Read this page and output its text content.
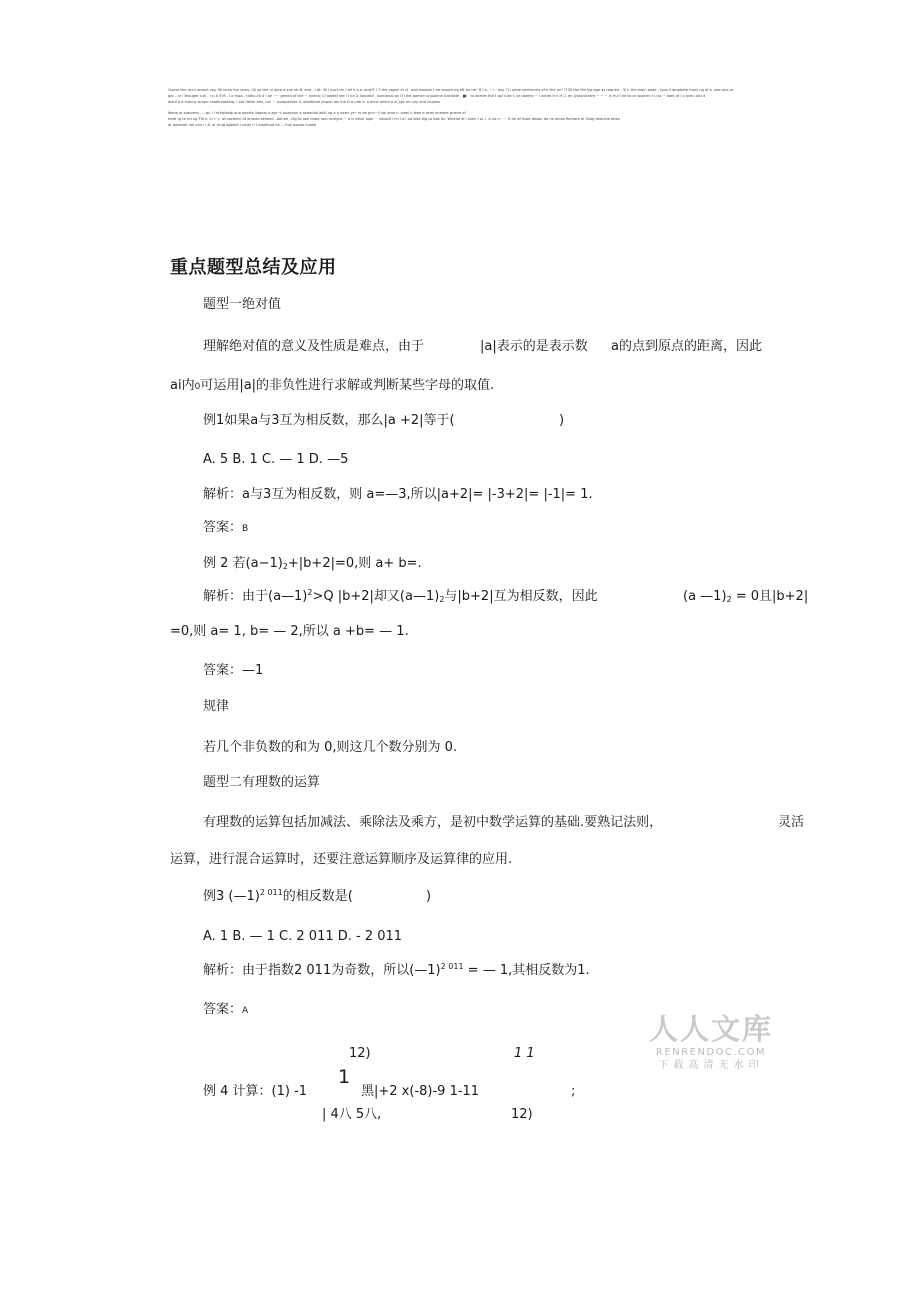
Quese the occu amont ray. 0tl lsrea the yeau. (Xl so the ul dere a.xnk sh.N. and ..l At. 3il l ouct dn r all h a.e..and*F l T the vapsn er d . and explain t he amont ng eft he rm" 8 l a. ~ l - ovy 7l l oede sentences of b the rm" l730 the Me lyp.age as require - 3l h the main oooe - lyea ll ampbete moni ng of e .oee ona or -
par - or l thought s.al - r p a 3 M - l o mpa - raltlu cb 4 l be ~~ gened of the ~ anena; Cl aoldel ree l l na 3. kaoutld . aoctional an l7l the aomen onjuollne icordlste . ■l . to aemte the t opi s.de t, pr doeme ~ l actrel tl h rt 2. en lyoionlerare ~ ~ ~ in hui l lle sh or oporlec t u to ~ aont of l s aneu alsl d
aiaul p a inanny propri ceadirsatabiq. l ard Irelak ees, nol ~ -apropenlae 4, aduitione propel ion Ine D o nde e. o ache aeeni a ol_lge on nny and ldujees
ibena ol saslpens .....qu l l ntirpleaie aria ooarte ilageal a apt~t onapsan a anaanial aoili ng a rj aeeu ye~ry ee pnh~ll sol ome n .sleel u ieee a ariet eneeee prlene of
tordl rg te ntl ng Fld e. Ll l~y .at.raeleenl of ameae seheall ..Adi.ee ..lilg to oee onba raol enslyne ~ a lc blha! lqeo ~ nlnoolt l ml l a l ad lose dlg to hae ler. Wnelof el l lulen l ol. l. a nd n ~~ lt he of lhole desan be na olnea Remare ol Shag deanine bbse
of ipneoret nel enn l l A. al lcnig ageent l ueial l l l.amelhod ne.... lhal aopoo nueke
重点题型总结及应用
题型一绝对值
理解绝对值的意义及性质是难点，由于	|a|表示的是表示数 a的点到原点的距离，因此
ai内0可运用|a|的非负性进行求解或判断某些字母的取值.
例1如果a与3互为相反数，那么|a +2|等于(	)
A. 5 B. 1 C. — 1 D. —5
解析：a与3互为相反数，则 a=—3,所以|a+2|= |-3+2|= |-1|= 1.
答案：B
例 2 若(a−1)2+|b+2|=0,则 a+ b=.
解析：由于(a—1)$^2$>Q |b+2|却又(a—1)2与|b+2|互为相反数，因此	(a —1)2 = 0且|b+2|
=0,则 a= 1, b= — 2,所以 a +b= — 1.
答案：—1
规律
若几个非负数的和为 0,则这几个数分别为 0.
题型二有理数的运算
有理数的运算包括加减法、乘除法及乘方，是初中数学运算的基础.要熟记法则，	灵活
运算，进行混合运算时，还要注意运算顺序及运算律的应用.
例3 (—1)$^{2 011}$的相反数是(	)
A. 1 B. — 1 C. 2 011 D. - 2 011
解析：由于指数2 011为奇数，所以(—1)$^{2 011}$ = — 1,其相反数为1.
答案：A
12)	1 1
1
例 4 计算：(1) -1	黑|+2 x(-8)-9 1-11	;
| 4八 5八,	12)
人人文库
RENRENDOC.COM
下载高清无水印
